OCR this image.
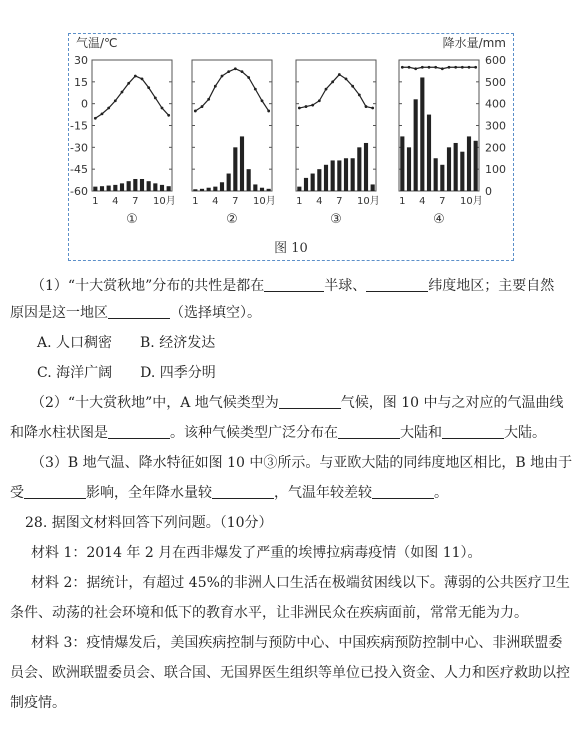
气温/℃	降水量/mm
图 10
30
15
0
-15
-30
-45
-60
600
500
400
300
200
100
0
1 4 7 10月
①
1 4 7 10月
②
1 4 7 10月
③
1 4 7 10月
④
（1）“十大赏秋地”分布的共性是都在	半球、	纬度地区；主要自然
原因是这一地区	（选择填空）。
A. 人口稠密 B. 经济发达
C. 海洋广阔 D. 四季分明
（2）“十大赏秋地”中，A 地气候类型为	气候，图 10 中与之对应的气温曲线
和降水柱状图是	。该种气候类型广泛分布在	大陆和	大陆。
（3）B 地气温、降水特征如图 10 中③所示。与亚欧大陆的同纬度地区相比，B 地由于
受	影响，全年降水量较	，气温年较差较	。
28. 据图文材料回答下列问题。（10分）
材料 1：2014 年 2 月在西非爆发了严重的埃博拉病毒疫情（如图 11）。
材料 2：据统计，有超过 45%的非洲人口生活在极端贫困线以下。薄弱的公共医疗卫生
条件、动荡的社会环境和低下的教育水平，让非洲民众在疾病面前，常常无能为力。
材料 3：疫情爆发后，美国疾病控制与预防中心、中国疾病预防控制中心、非洲联盟委
员会、欧洲联盟委员会、联合国、无国界医生组织等单位已投入资金、人力和医疗救助以控
制疫情。
